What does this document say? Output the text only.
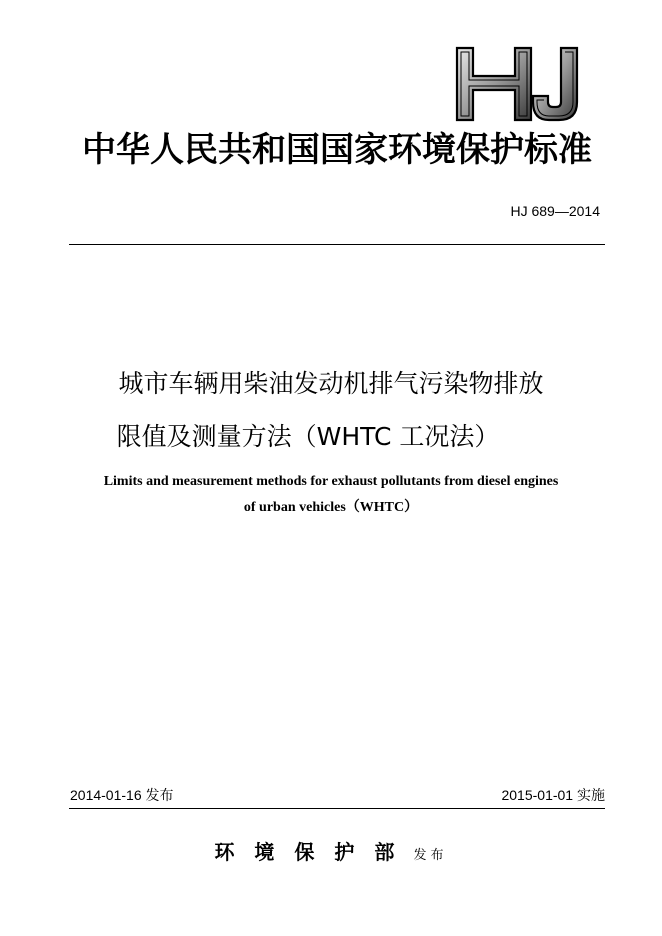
中华人民共和国国家环境保护标准
HJ 689—2014
城市车辆用柴油发动机排气污染物排放
限值及测量方法（WHTC 工况法）
Limits and measurement methods for exhaust pollutants from diesel engines
of urban vehicles（WHTC）
2014-01-16 发布	2015-01-01 实施
环境保护部 发布
